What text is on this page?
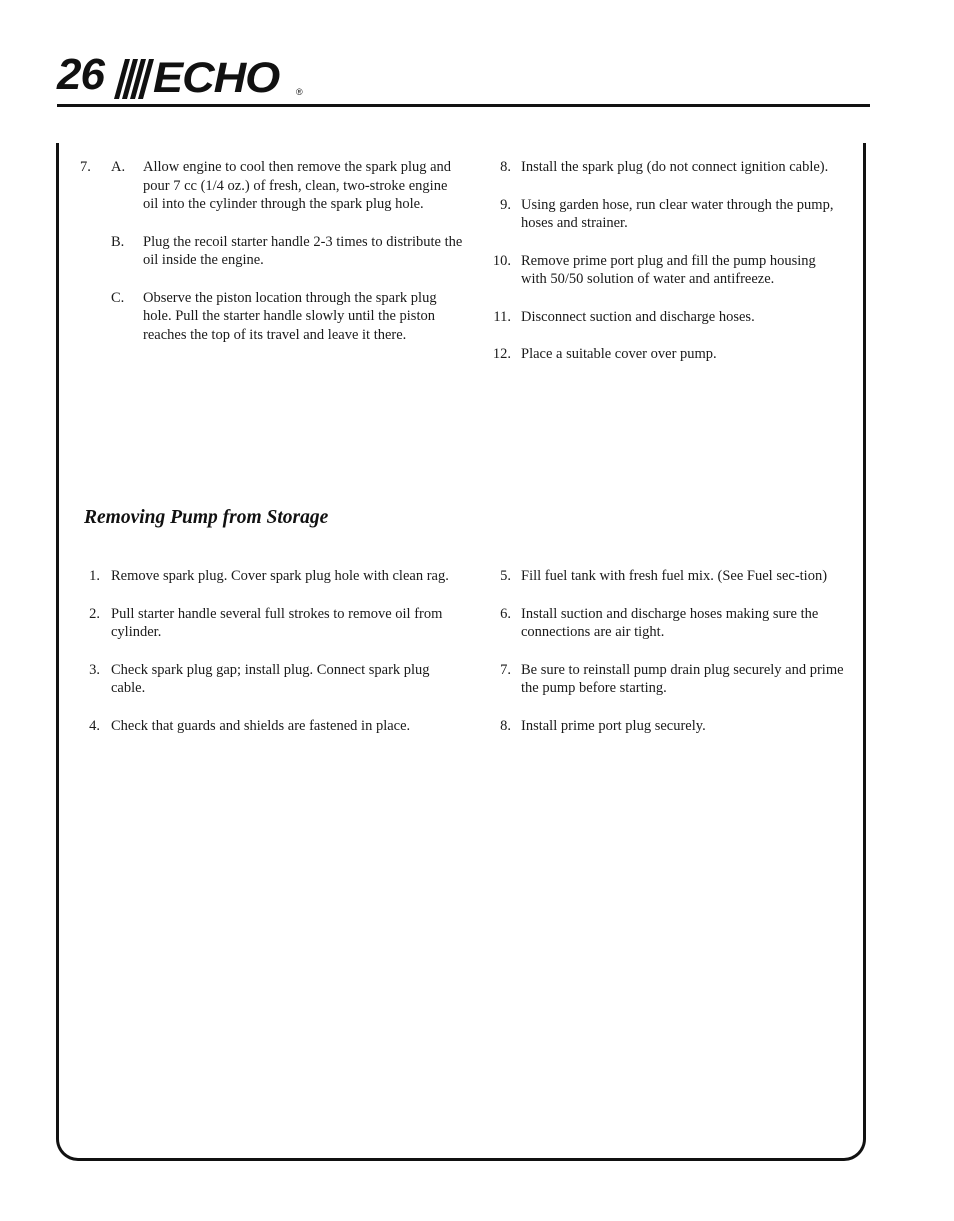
26 ECHO ®
7. A.	Allow engine to cool then remove the spark plug and pour 7 cc (1/4 oz.) of fresh, clean, two-stroke engine oil into the cylinder through the spark plug hole.
B.	Plug the recoil starter handle 2-3 times to distribute the oil inside the engine.
C.	Observe the piston location through the spark plug hole. Pull the starter handle slowly until the piston reaches the top of its travel and leave it there.
8. Install the spark plug (do not connect ignition cable).
9. Using garden hose, run clear water through the pump, hoses and strainer.
10. Remove prime port plug and fill the pump housing with 50/50 solution of water and antifreeze.
11. Disconnect suction and discharge hoses.
12. Place a suitable cover over pump.
Removing Pump from Storage
1. Remove spark plug. Cover spark plug hole with clean rag.
2. Pull starter handle several full strokes to remove oil from cylinder.
3. Check spark plug gap; install plug. Connect spark plug cable.
4. Check that guards and shields are fastened in place.
5. Fill fuel tank with fresh fuel mix. (See Fuel sec-tion)
6. Install suction and discharge hoses making sure the connections are air tight.
7. Be sure to reinstall pump drain plug securely and prime the pump before starting.
8. Install prime port plug securely.
